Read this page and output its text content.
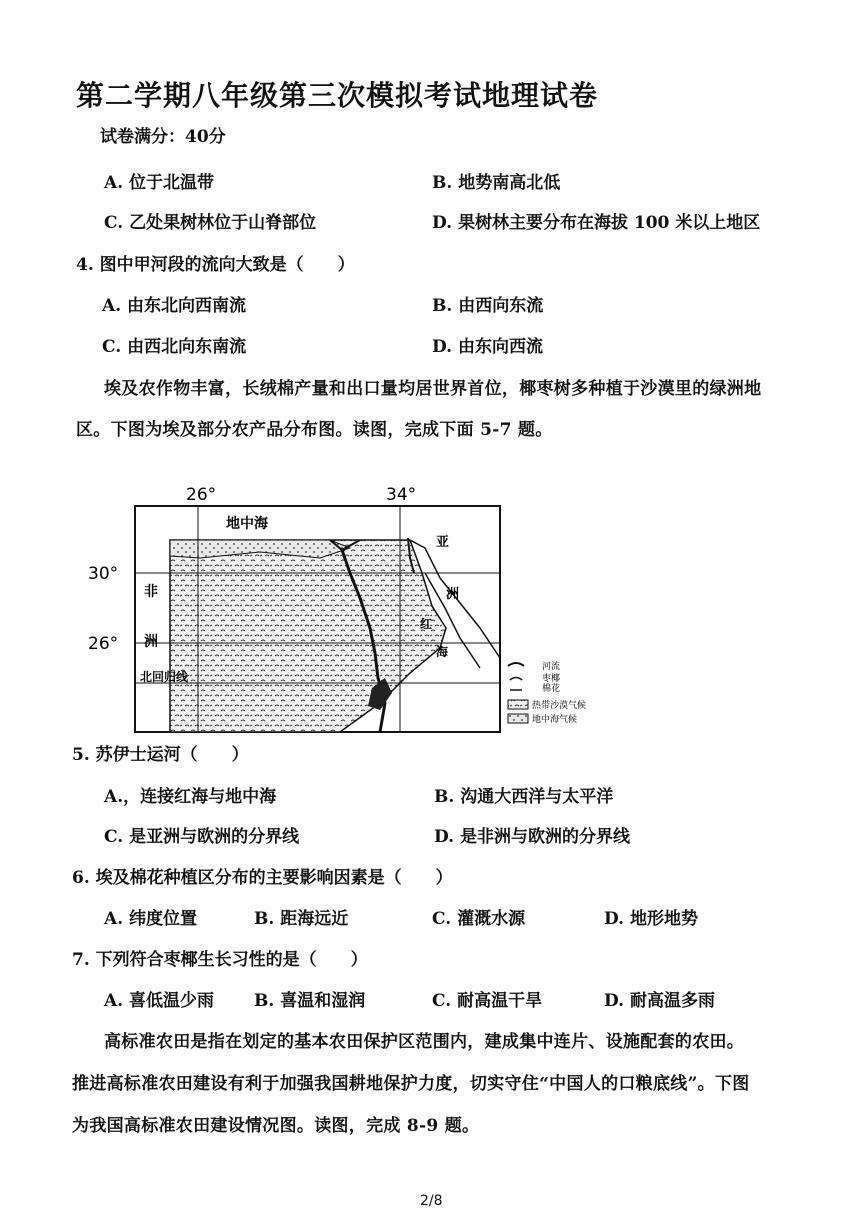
第二学期八年级第三次模拟考试地理试卷
试卷满分：40分
A. 位于北温带	B. 地势南高北低
C. 乙处果树林位于山脊部位	D. 果树林主要分布在海拔 100 米以上地区
4. 图中甲河段的流向大致是（　　）
A. 由东北向西南流	B. 由西向东流
C. 由西北向东南流	D. 由东向西流
埃及农作物丰富，长绒棉产量和出口量均居世界首位，椰枣树多种植于沙漠里的绿洲地
区。下图为埃及部分农产品分布图。读图，完成下面 5-7 题。
26°	34°
30°
26°
地中海
非
洲
亚
洲
红
海
北回归线
河流
枣椰
棉花
热带沙漠气候
地中海气候
5. 苏伊士运河（　　）
A.，连接红海与地中海	B. 沟通大西洋与太平洋
C. 是亚洲与欧洲的分界线	D. 是非洲与欧洲的分界线
6. 埃及棉花种植区分布的主要影响因素是（　　）
A. 纬度位置	B. 距海远近	C. 灌溉水源	D. 地形地势
7. 下列符合枣椰生长习性的是（　　）
A. 喜低温少雨 B. 喜温和湿润	C. 耐高温干旱	D. 耐高温多雨
高标准农田是指在划定的基本农田保护区范围内，建成集中连片、设施配套的农田。
推进高标准农田建设有利于加强我国耕地保护力度，切实守住“中国人的口粮底线”。下图
为我国高标准农田建设情况图。读图，完成 8-9 题。
2/8
